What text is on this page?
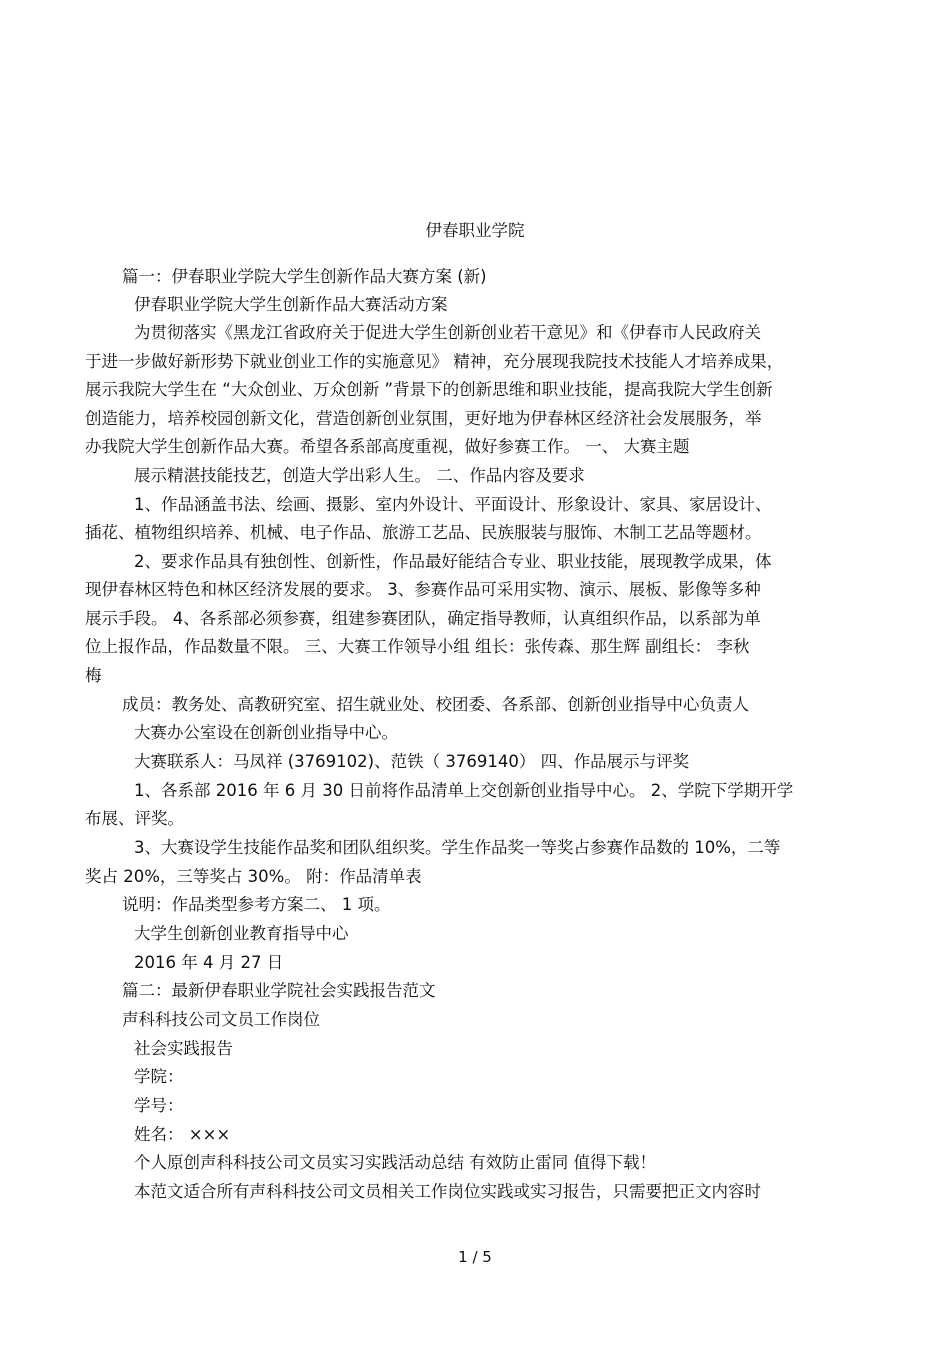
伊春职业学院
篇一：伊春职业学院大学生创新作品大赛方案 (新)
伊春职业学院大学生创新作品大赛活动方案
为贯彻落实《黑龙江省政府关于促进大学生创新创业若干意见》和《伊春市人民政府关
于进一步做好新形势下就业创业工作的实施意见》 精神，充分展现我院技术技能人才培养成果，
展示我院大学生在 “大众创业、万众创新 ”背景下的创新思维和职业技能，提高我院大学生创新
创造能力，培养校园创新文化，营造创新创业氛围，更好地为伊春林区经济社会发展服务，举
办我院大学生创新作品大赛。希望各系部高度重视，做好参赛工作。 一、 大赛主题
展示精湛技能技艺，创造大学出彩人生。 二、作品内容及要求
1、作品涵盖书法、绘画、摄影、室内外设计、平面设计、形象设计、家具、家居设计、
插花、植物组织培养、机械、电子作品、旅游工艺品、民族服装与服饰、木制工艺品等题材。
2、要求作品具有独创性、创新性，作品最好能结合专业、职业技能，展现教学成果，体
现伊春林区特色和林区经济发展的要求。 3、参赛作品可采用实物、演示、展板、影像等多种
展示手段。 4、各系部必须参赛，组建参赛团队，确定指导教师，认真组织作品，以系部为单
位上报作品，作品数量不限。 三、大赛工作领导小组 组长：张传森、那生辉 副组长： 李秋
梅
成员：教务处、高教研究室、招生就业处、校团委、各系部、创新创业指导中心负责人
大赛办公室设在创新创业指导中心。
大赛联系人：马凤祥 (3769102)、范铁（ 3769140） 四、作品展示与评奖
1、各系部 2016 年 6 月 30 日前将作品清单上交创新创业指导中心。 2、学院下学期开学
布展、评奖。
3、大赛设学生技能作品奖和团队组织奖。学生作品奖一等奖占参赛作品数的 10%，二等
奖占 20%，三等奖占 30%。 附：作品清单表
说明：作品类型参考方案二、 1 项。
大学生创新创业教育指导中心
2016 年 4 月 27 日
篇二：最新伊春职业学院社会实践报告范文
声科科技公司文员工作岗位
社会实践报告
学院：
学号：
姓名： ×××
个人原创声科科技公司文员实习实践活动总结 有效防止雷同 值得下载！
本范文适合所有声科科技公司文员相关工作岗位实践或实习报告，只需要把正文内容时
1 / 5
